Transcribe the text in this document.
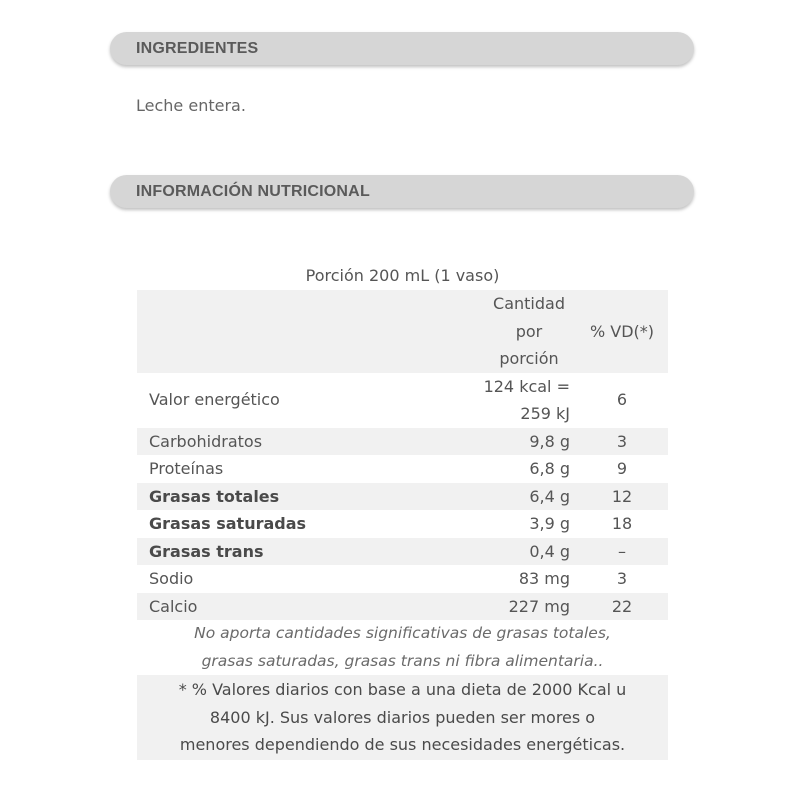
INGREDIENTES
Leche entera.
INFORMACIÓN NUTRICIONAL
Porción 200 mL (1 vaso)

	Cantidad
por
porción	% VD(*)
Valor energético	124 kcal =
259 kJ	6
Carbohidratos	9,8 g	3
Proteínas	6,8 g	9
Grasas totales	6,4 g	12
Grasas saturadas	3,9 g	18
Grasas trans	0,4 g	–
Sodio	83 mg	3
Calcio	227 mg	22

No aporta cantidades significativas de grasas totales,
grasas saturadas, grasas trans ni fibra alimentaria..		

* % Valores diarios con base a una dieta de 2000 Kcal u
8400 kJ. Sus valores diarios pueden ser mores o
menores dependiendo de sus necesidades energéticas.		
